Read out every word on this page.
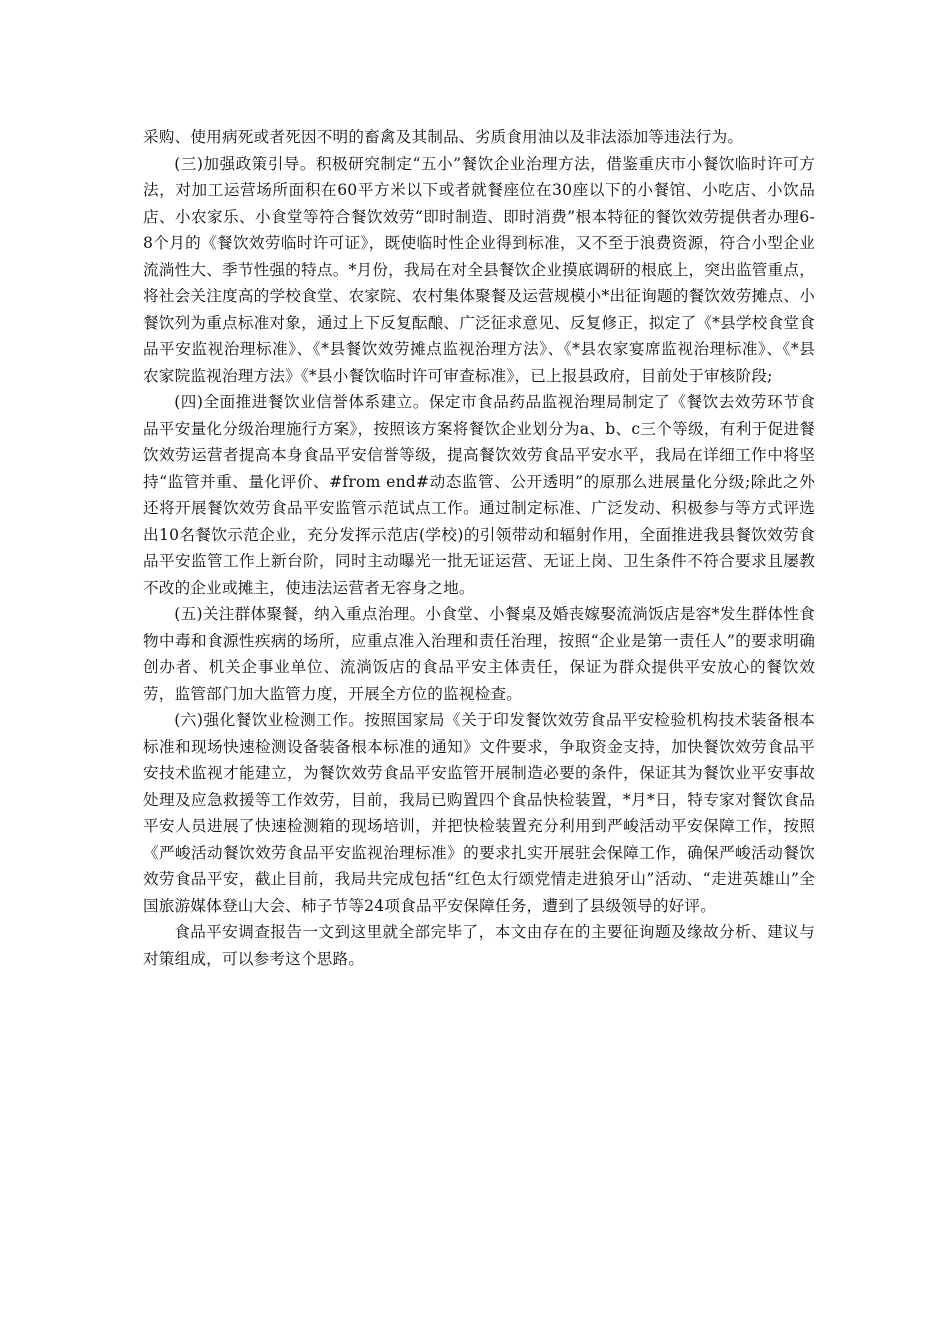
采购、使用病死或者死因不明的畜禽及其制品、劣质食用油以及非法添加等违法行为。

(三)加强政策引导。积极研究制定“五小”餐饮企业治理方法，借鉴重庆市小餐饮临时许可方法，对加工运营场所面积在60平方米以下或者就餐座位在30座以下的小餐馆、小吃店、小饮品店、小农家乐、小食堂等符合餐饮效劳“即时制造、即时消费”根本特征的餐饮效劳提供者办理6-8个月的《餐饮效劳临时许可证》，既使临时性企业得到标准，又不至于浪费资源，符合小型企业流淌性大、季节性强的特点。*月份，我局在对全县餐饮企业摸底调研的根底上，突出监管重点，将社会关注度高的学校食堂、农家院、农村集体聚餐及运营规模小*出征询题的餐饮效劳摊点、小餐饮列为重点标准对象，通过上下反复酝酿、广泛征求意见、反复修正，拟定了《*县学校食堂食品平安监视治理标准》、《*县餐饮效劳摊点监视治理方法》、《*县农家宴席监视治理标准》、《*县农家院监视治理方法》《*县小餐饮临时许可审查标准》，已上报县政府，目前处于审核阶段;

(四)全面推进餐饮业信誉体系建立。保定市食品药品监视治理局制定了《餐饮去效劳环节食品平安量化分级治理施行方案》，按照该方案将餐饮企业划分为a、b、c三个等级，有利于促进餐饮效劳运营者提高本身食品平安信誉等级，提高餐饮效劳食品平安水平，我局在详细工作中将坚持“监管并重、量化评价、#from end#动态监管、公开透明”的原那么进展量化分级;除此之外还将开展餐饮效劳食品平安监管示范试点工作。通过制定标准、广泛发动、积极参与等方式评选出10名餐饮示范企业，充分发挥示范店(学校)的引领带动和辐射作用，全面推进我县餐饮效劳食品平安监管工作上新台阶，同时主动曝光一批无证运营、无证上岗、卫生条件不符合要求且屡教不改的企业或摊主，使违法运营者无容身之地。

(五)关注群体聚餐，纳入重点治理。小食堂、小餐桌及婚丧嫁娶流淌饭店是容*发生群体性食物中毒和食源性疾病的场所，应重点准入治理和责任治理，按照“企业是第一责任人”的要求明确创办者、机关企事业单位、流淌饭店的食品平安主体责任，保证为群众提供平安放心的餐饮效劳，监管部门加大监管力度，开展全方位的监视检查。

(六)强化餐饮业检测工作。按照国家局《关于印发餐饮效劳食品平安检验机构技术装备根本标准和现场快速检测设备装备根本标准的通知》文件要求，争取资金支持，加快餐饮效劳食品平安技术监视才能建立，为餐饮效劳食品平安监管开展制造必要的条件，保证其为餐饮业平安事故处理及应急救援等工作效劳，目前，我局已购置四个食品快检装置，*月*日，特专家对餐饮食品平安人员进展了快速检测箱的现场培训，并把快检装置充分利用到严峻活动平安保障工作，按照《严峻活动餐饮效劳食品平安监视治理标准》的要求扎实开展驻会保障工作，确保严峻活动餐饮效劳食品平安，截止目前，我局共完成包括“红色太行颂党情走进狼牙山”活动、“走进英雄山”全国旅游媒体登山大会、柿子节等24项食品平安保障任务，遭到了县级领导的好评。

食品平安调查报告一文到这里就全部完毕了，本文由存在的主要征询题及缘故分析、建议与对策组成，可以参考这个思路。
